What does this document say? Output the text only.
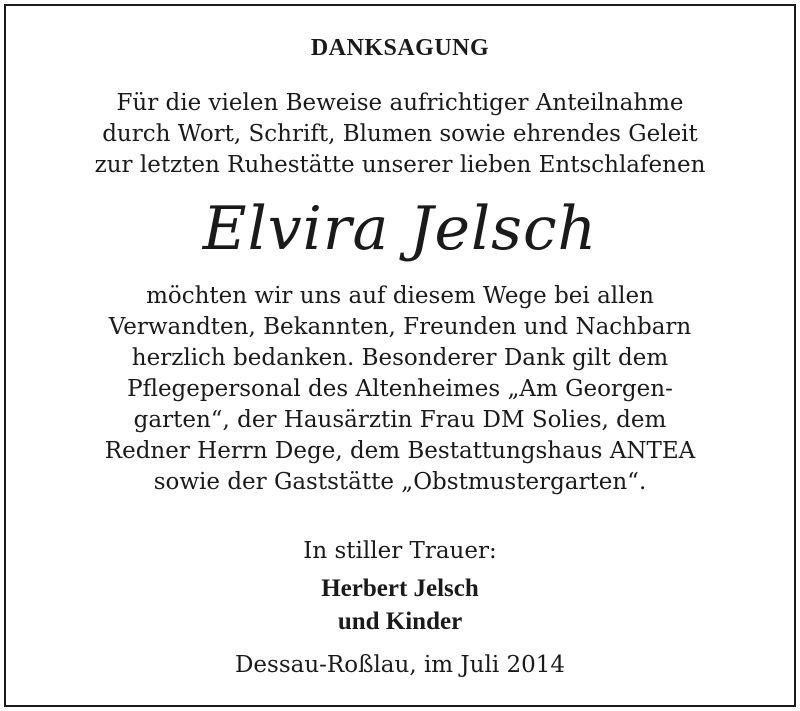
DANKSAGUNG
Für die vielen Beweise aufrichtiger Anteilnahme
durch Wort, Schrift, Blumen sowie ehrendes Geleit
zur letzten Ruhestätte unserer lieben Entschlafenen
Elvira Jelsch
möchten wir uns auf diesem Wege bei allen
Verwandten, Bekannten, Freunden und Nachbarn
herzlich bedanken. Besonderer Dank gilt dem
Pflegepersonal des Altenheimes „Am Georgen-
garten“, der Hausärztin Frau DM Solies, dem
Redner Herrn Dege, dem Bestattungshaus ANTEA
sowie der Gaststätte „Obstmustergarten“.
In stiller Trauer:
Herbert Jelsch
und Kinder
Dessau-Roßlau, im Juli 2014
